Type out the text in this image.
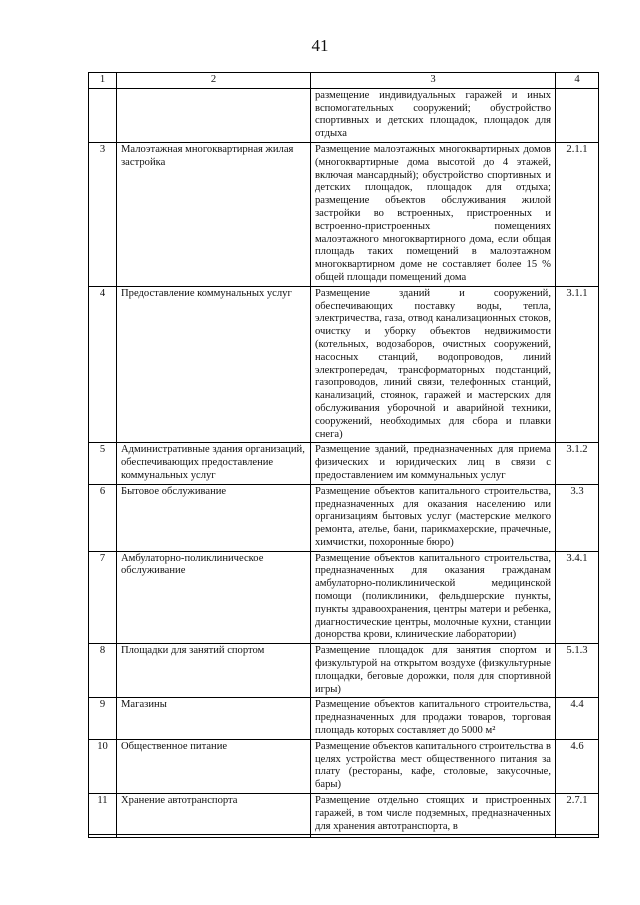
41
1	2	3	4
		размещение индивидуальных гаражей и иных вспомогательных сооружений; обустройство спортивных и детских площадок, площадок для отдыха	
3	Малоэтажная многоквартирная жилая застройка	Размещение малоэтажных многоквартирных домов (многоквартирные дома высотой до 4 этажей, включая мансардный); обустройство спортивных и детских площадок, площадок для отдыха; размещение объектов обслуживания жилой застройки во встроенных, пристроенных и встроенно-пристроенных помещениях малоэтажного многоквартирного дома, если общая площадь таких помещений в малоэтажном многоквартирном доме не составляет более 15 % общей площади помещений дома	2.1.1
4	Предоставление коммунальных услуг	Размещение зданий и сооружений, обеспечивающих поставку воды, тепла, электричества, газа, отвод канализационных стоков, очистку и уборку объектов недвижимости (котельных, водозаборов, очистных сооружений, насосных станций, водопроводов, линий электропередач, трансформаторных подстанций, газопроводов, линий связи, телефонных станций, канализаций, стоянок, гаражей и мастерских для обслуживания уборочной и аварийной техники, сооружений, необходимых для сбора и плавки снега)	3.1.1
5	Административные здания организаций, обеспечивающих предоставление коммунальных услуг	Размещение зданий, предназначенных для приема физических и юридических лиц в связи с предоставлением им коммунальных услуг	3.1.2
6	Бытовое обслуживание	Размещение объектов капитального строительства, предназначенных для оказания населению или организациям бытовых услуг (мастерские мелкого ремонта, ателье, бани, парикмахерские, прачечные, химчистки, похоронные бюро)	3.3
7	Амбулаторно-поликлиническое обслуживание	Размещение объектов капитального строительства, предназначенных для оказания гражданам амбулаторно-поликлинической медицинской помощи (поликлиники, фельдшерские пункты, пункты здравоохранения, центры матери и ребенка, диагностические центры, молочные кухни, станции донорства крови, клинические лаборатории)	3.4.1
8	Площадки для занятий спортом	Размещение площадок для занятия спортом и физкультурой на открытом воздухе (физкультурные площадки, беговые дорожки, поля для спортивной игры)	5.1.3
9	Магазины	Размещение объектов капитального строительства, предназначенных для продажи товаров, торговая площадь которых составляет до 5000 м²	4.4
10	Общественное питание	Размещение объектов капитального строительства в целях устройства мест общественного питания за плату (рестораны, кафе, столовые, закусочные, бары)	4.6
11	Хранение автотранспорта	Размещение отдельно стоящих и пристроенных гаражей, в том числе подземных, предназначенных для хранения автотранспорта, в	2.7.1
